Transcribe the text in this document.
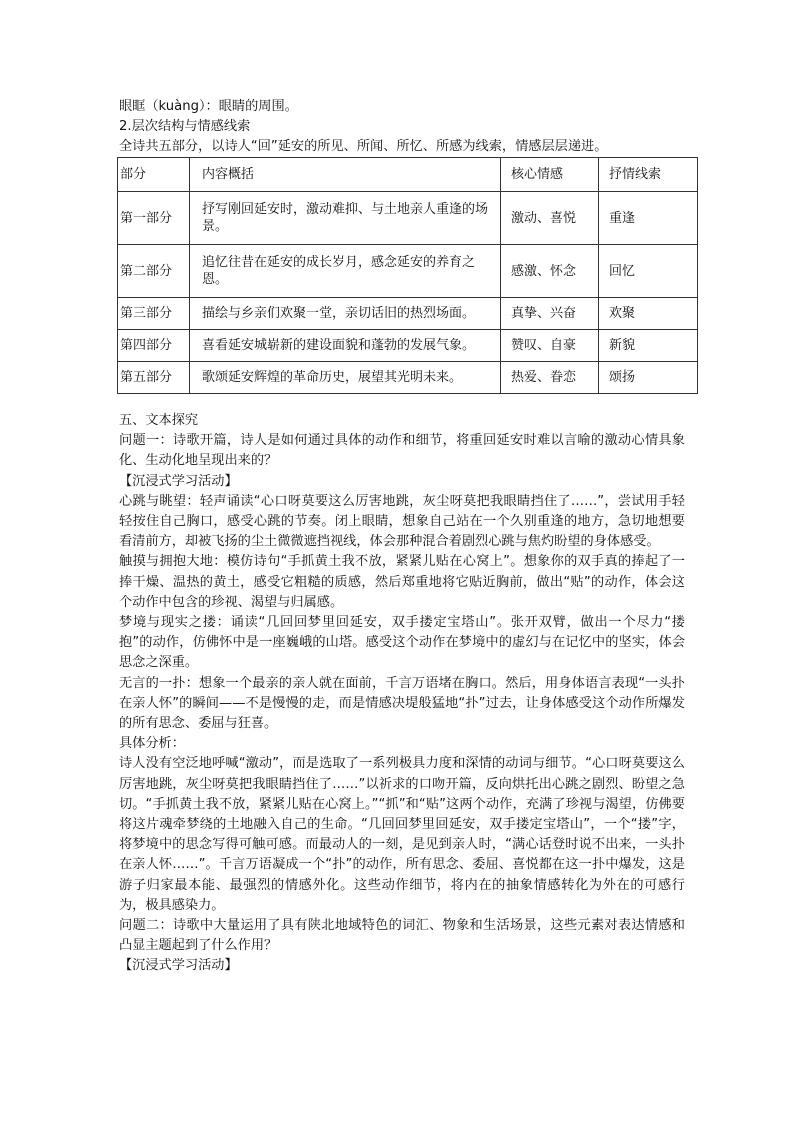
眼眶（kuàng）：眼睛的周围。
2.层次结构与情感线索
全诗共五部分，以诗人“回”延安的所见、所闻、所忆、所感为线索，情感层层递进。
部分	内容概括	核心情感	抒情线索
第一部分	抒写刚回延安时，激动难抑、与土地亲人重逢的场景。	激动、喜悦	重逢
第二部分	追忆往昔在延安的成长岁月，感念延安的养育之恩。	感激、怀念	回忆
第三部分	描绘与乡亲们欢聚一堂，亲切话旧的热烈场面。	真挚、兴奋	欢聚
第四部分	喜看延安城崭新的建设面貌和蓬勃的发展气象。	赞叹、自豪	新貌
第五部分	歌颂延安辉煌的革命历史，展望其光明未来。	热爱、眷恋	颂扬

五、文本探究

问题一：诗歌开篇，诗人是如何通过具体的动作和细节，将重回延安时难以言喻的激动心情具象化、生动化地呈现出来的？

【沉浸式学习活动】

心跳与眺望：轻声诵读“心口呀莫要这么厉害地跳，灰尘呀莫把我眼睛挡住了……”，尝试用手轻轻按住自己胸口，感受心跳的节奏。闭上眼睛，想象自己站在一个久别重逢的地方，急切地想要看清前方，却被飞扬的尘土微微遮挡视线，体会那种混合着剧烈心跳与焦灼盼望的身体感受。

触摸与拥抱大地：模仿诗句“手抓黄土我不放，紧紧儿贴在心窝上”。想象你的双手真的捧起了一捧干燥、温热的黄土，感受它粗糙的质感，然后郑重地将它贴近胸前，做出“贴”的动作，体会这个动作中包含的珍视、渴望与归属感。

梦境与现实之搂：诵读“几回回梦里回延安，双手搂定宝塔山”。张开双臂，做出一个尽力“搂抱”的动作，仿佛怀中是一座巍峨的山塔。感受这个动作在梦境中的虚幻与在记忆中的坚实，体会思念之深重。

无言的一扑：想象一个最亲的亲人就在面前，千言万语堵在胸口。然后，用身体语言表现“一头扑在亲人怀”的瞬间——不是慢慢的走，而是情感决堤般猛地“扑”过去，让身体感受这个动作所爆发的所有思念、委屈与狂喜。

具体分析：

诗人没有空泛地呼喊“激动”，而是选取了一系列极具力度和深情的动词与细节。“心口呀莫要这么厉害地跳，灰尘呀莫把我眼睛挡住了……”以祈求的口吻开篇，反向烘托出心跳之剧烈、盼望之急切。“手抓黄土我不放，紧紧儿贴在心窝上。”“抓”和“贴”这两个动作，充满了珍视与渴望，仿佛要将这片魂牵梦绕的土地融入自己的生命。“几回回梦里回延安，双手搂定宝塔山”，一个“搂”字，将梦境中的思念写得可触可感。而最动人的一刻，是见到亲人时，“满心话登时说不出来，一头扑在亲人怀……”。千言万语凝成一个“扑”的动作，所有思念、委屈、喜悦都在这一扑中爆发，这是游子归家最本能、最强烈的情感外化。这些动作细节，将内在的抽象情感转化为外在的可感行为，极具感染力。

问题二：诗歌中大量运用了具有陕北地域特色的词汇、物象和生活场景，这些元素对表达情感和凸显主题起到了什么作用？

【沉浸式学习活动】
